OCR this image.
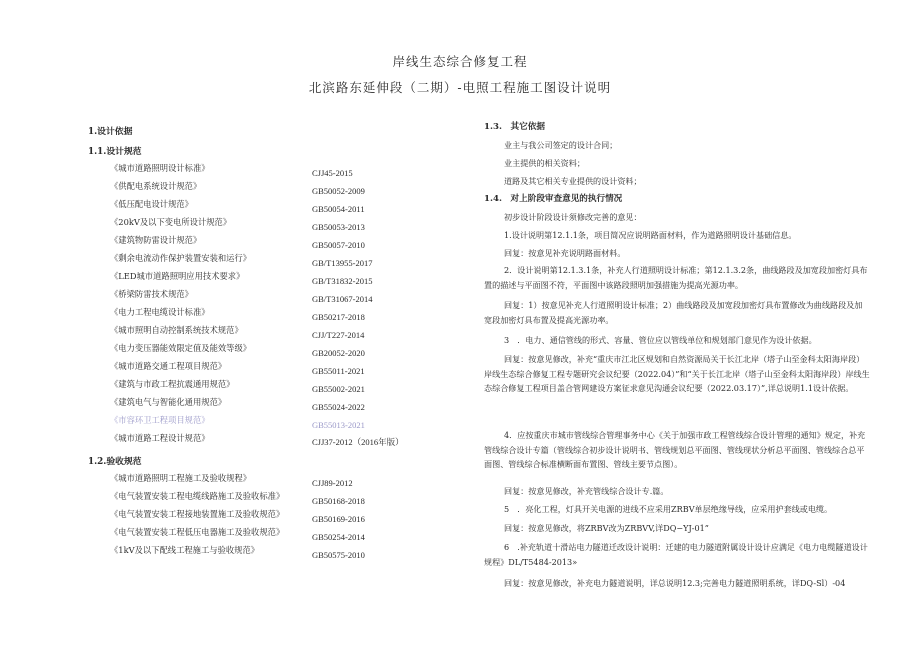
岸线生态综合修复工程
北滨路东延伸段（二期）-电照工程施工图设计说明
1.设计依据
1.1.设计规范
《城市道路照明设计标准》	CJJ45-2015
《供配电系统设计规范》	GB50052-2009
《低压配电设计规范》	GB50054-2011
《20kV及以下变电所设计规范》	GB50053-2013
《建筑物防雷设计规范》	GB50057-2010
《剩余电流动作保护装置安装和运行》	GB/T13955-2017
《LED城市道路照明应用技术要求》	GB/T31832-2015
《桥梁防雷技术规范》	GB/T31067-2014
《电力工程电缆设计标准》	GB50217-2018
《城市照明自动控制系统技术规范》	CJJ/T227-2014
《电力变压器能效限定值及能效等级》	GB20052-2020
《城市道路交通工程项目规范》	GB55011-2021
《建筑与市政工程抗震通用规范》	GB55002-2021
《建筑电气与智能化通用规范》	GB55024-2022
《市容环卫工程项目规范》	GB55013-2021
《城市道路工程设计规范》	CJJ37-2012（2016年版）
1.2.验收规范
《城市道路照明工程施工及验收规程》	CJJ89-2012
《电气装置安装工程电缆线路施工及验收标准》	GB50168-2018
《电气装置安装工程接地装置施工及验收规范》	GB50169-2016
《电气装置安装工程低压电器施工及验收规范》	GB50254-2014
《1kV及以下配线工程施工与验收规范》	GB50575-2010
1.3.　其它依据
业主与我公司签定的设计合同；
业主提供的相关资料；
道路及其它相关专业提供的设计资料；
1.4.　对上阶段审查意见的执行情况
初步设计阶段设计须修改完善的意见：
1.设计说明第12.1.1条，项目简况应说明路面材料，作为道路照明设计基础信息。
回复：按意见补充说明路面材料。
2．设计说明第12.1.3.1条，补充人行道照明设计标准；第12.1.3.2条，曲线路段及加宽段加密灯具布置的描述与平面图不符，平面图中该路段照明加强措施为提高光源功率。
回复：1）按意见补充人行道照明设计标准；2）曲线路段及加宽段加密灯具布置修改为曲线路段及加宽段加密灯具布置及提高光源功率。
3　．电力、通信管线的形式、容量、管位应以管线单位和规划部门意见作为设计依据。
回复：按意见修改，补充“重庆市江北区规划和自然资源局关于长江北岸（塔子山至金科太阳海岸段）岸线生态综合修复工程专题研究会议纪要（2022.04）”和“关于长江北岸（塔子山至金科太阳海岸段）岸线生态综合修复工程项目盖合管网建设方案征求意见沟通会议纪要（2022.03.17）”,详总说明1.1设计依据。
4．应按重庆市城市管线综合管理事务中心《关于加强市政工程管线综合设计管理的通知》规定，补充管线综合设计专篇（管线综合初步设计说明书、管线规划总平面图、管线现状分析总平面图、管线综合总平面图、管线综合标准横断面布置图、管线主要节点图）。
回复：按意见修改，补充管线综合设计专.篇。
5　．亮化工程，灯具开关电源的进线不应采用ZRBV单层绝缘导线，应采用护套线或电缆。
回复：按意见修改，将ZRBV改为ZRBVV,详DQ−YJ-01”
6　.补充轨道十滑站电力隧道迁改设计说明：迁建的电力隧道附属设计设计应满足《电力电缆隧道设计规程》DL/T5484-2013»
回复：按意见修改，补充电力隧道说明，详总说明12.3;完善电力隧道照明系统，详DQ-Sl）-04
